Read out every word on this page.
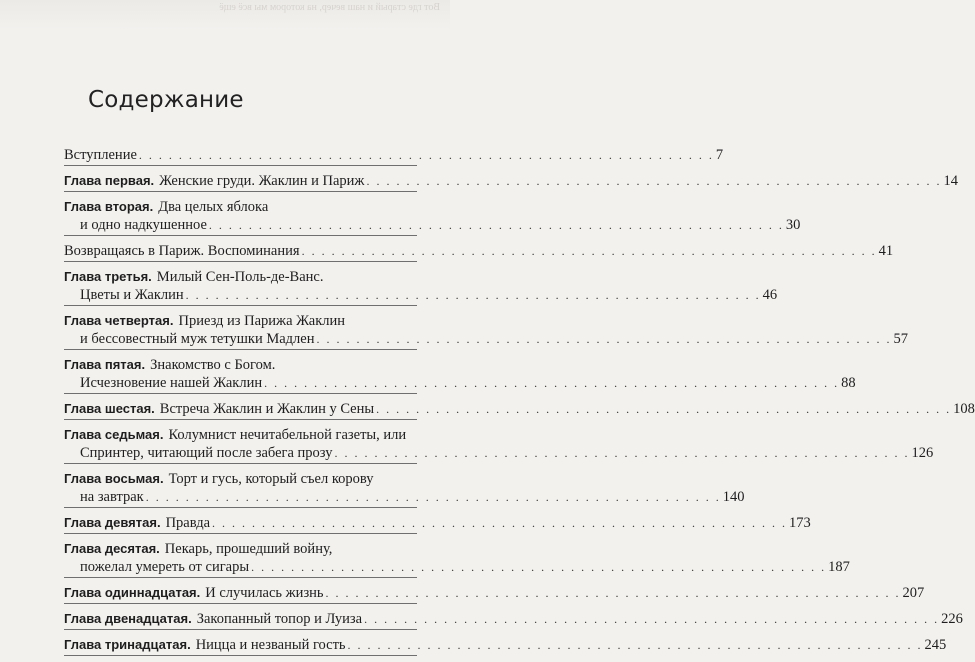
Вот где старый и наш вечер, на котором мы всё ещё
Содержание
Вступление . . . . . . . . . . . . . . . . . . . . . . . . . . . . . . . . . . . . . . . . . . . . . . . . . . . . . . . . . . 7
Глава первая. Женские груди. Жаклин и Париж . . . . . . . . . . . . . . . . . . . . . . . . . . . . . . . . . . . . . . . . . . . . . . . . . . . . . . . . . . 14
Глава вторая. Два целых яблока
и одно надкушенное . . . . . . . . . . . . . . . . . . . . . . . . . . . . . . . . . . . . . . . . . . . . . . . . . . . . . . . . . . 30
Возвращаясь в Париж. Воспоминания . . . . . . . . . . . . . . . . . . . . . . . . . . . . . . . . . . . . . . . . . . . . . . . . . . . . . . . . . . 41
Глава третья. Милый Сен-Поль-де-Ванс.
Цветы и Жаклин . . . . . . . . . . . . . . . . . . . . . . . . . . . . . . . . . . . . . . . . . . . . . . . . . . . . . . . . . . 46
Глава четвертая. Приезд из Парижа Жаклин
и бессовестный муж тетушки Мадлен . . . . . . . . . . . . . . . . . . . . . . . . . . . . . . . . . . . . . . . . . . . . . . . . . . . . . . . . . . 57
Глава пятая. Знакомство с Богом.
Исчезновение нашей Жаклин . . . . . . . . . . . . . . . . . . . . . . . . . . . . . . . . . . . . . . . . . . . . . . . . . . . . . . . . . . 88
Глава шестая. Встреча Жаклин и Жаклин у Сены . . . . . . . . . . . . . . . . . . . . . . . . . . . . . . . . . . . . . . . . . . . . . . . . . . . . . . . . . . 108
Глава седьмая. Колумнист нечитабельной газеты, или
Спринтер, читающий после забега прозу . . . . . . . . . . . . . . . . . . . . . . . . . . . . . . . . . . . . . . . . . . . . . . . . . . . . . . . . . . 126
Глава восьмая. Торт и гусь, который съел корову
на завтрак . . . . . . . . . . . . . . . . . . . . . . . . . . . . . . . . . . . . . . . . . . . . . . . . . . . . . . . . . . 140
Глава девятая. Правда . . . . . . . . . . . . . . . . . . . . . . . . . . . . . . . . . . . . . . . . . . . . . . . . . . . . . . . . . . 173
Глава десятая. Пекарь, прошедший войну,
пожелал умереть от сигары . . . . . . . . . . . . . . . . . . . . . . . . . . . . . . . . . . . . . . . . . . . . . . . . . . . . . . . . . . 187
Глава одиннадцатая. И случилась жизнь . . . . . . . . . . . . . . . . . . . . . . . . . . . . . . . . . . . . . . . . . . . . . . . . . . . . . . . . . . 207
Глава двенадцатая. Закопанный топор и Луиза . . . . . . . . . . . . . . . . . . . . . . . . . . . . . . . . . . . . . . . . . . . . . . . . . . . . . . . . . . 226
Глава тринадцатая. Ницца и незваный гость . . . . . . . . . . . . . . . . . . . . . . . . . . . . . . . . . . . . . . . . . . . . . . . . . . . . . . . . . . 245
